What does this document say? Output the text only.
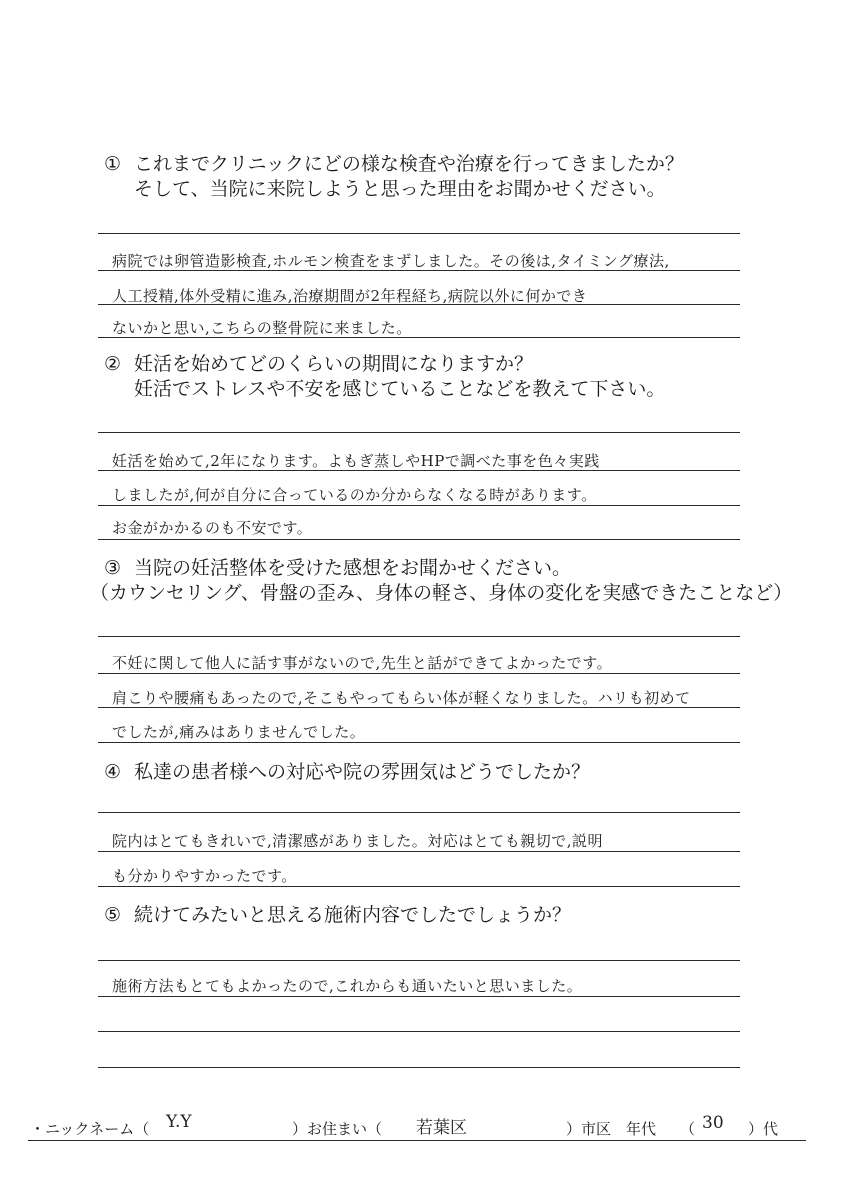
① これまでクリニックにどの様な検査や治療を行ってきましたか？
そして、当院に来院しようと思った理由をお聞かせください。
病院では卵管造影検査,ホルモン検査をまずしました。その後は,タイミング療法,
人工授精,体外受精に進み,治療期間が2年程経ち,病院以外に何かでき
ないかと思い,こちらの整骨院に来ました。
② 妊活を始めてどのくらいの期間になりますか？
妊活でストレスや不安を感じていることなどを教えて下さい。
妊活を始めて,2年になります。よもぎ蒸しやHPで調べた事を色々実践
しましたが,何が自分に合っているのか分からなくなる時があります。
お金がかかるのも不安です。
③ 当院の妊活整体を受けた感想をお聞かせください。
（カウンセリング、骨盤の歪み、身体の軽さ、身体の変化を実感できたことなど）
不妊に関して他人に話す事がないので,先生と話ができてよかったです。
肩こりや腰痛もあったので,そこもやってもらい体が軽くなりました。ハリも初めて
でしたが,痛みはありませんでした。
④ 私達の患者様への対応や院の雰囲気はどうでしたか？
院内はとてもきれいで,清潔感がありました。対応はとても親切で,説明
も分かりやすかったです。
⑤ 続けてみたいと思える施術内容でしたでしょうか？
施術方法もとてもよかったので,これからも通いたいと思いました。
・ニックネーム（ Y.Y	）お住まい（ 若葉区	）市区 年代 （ 30 ）代
